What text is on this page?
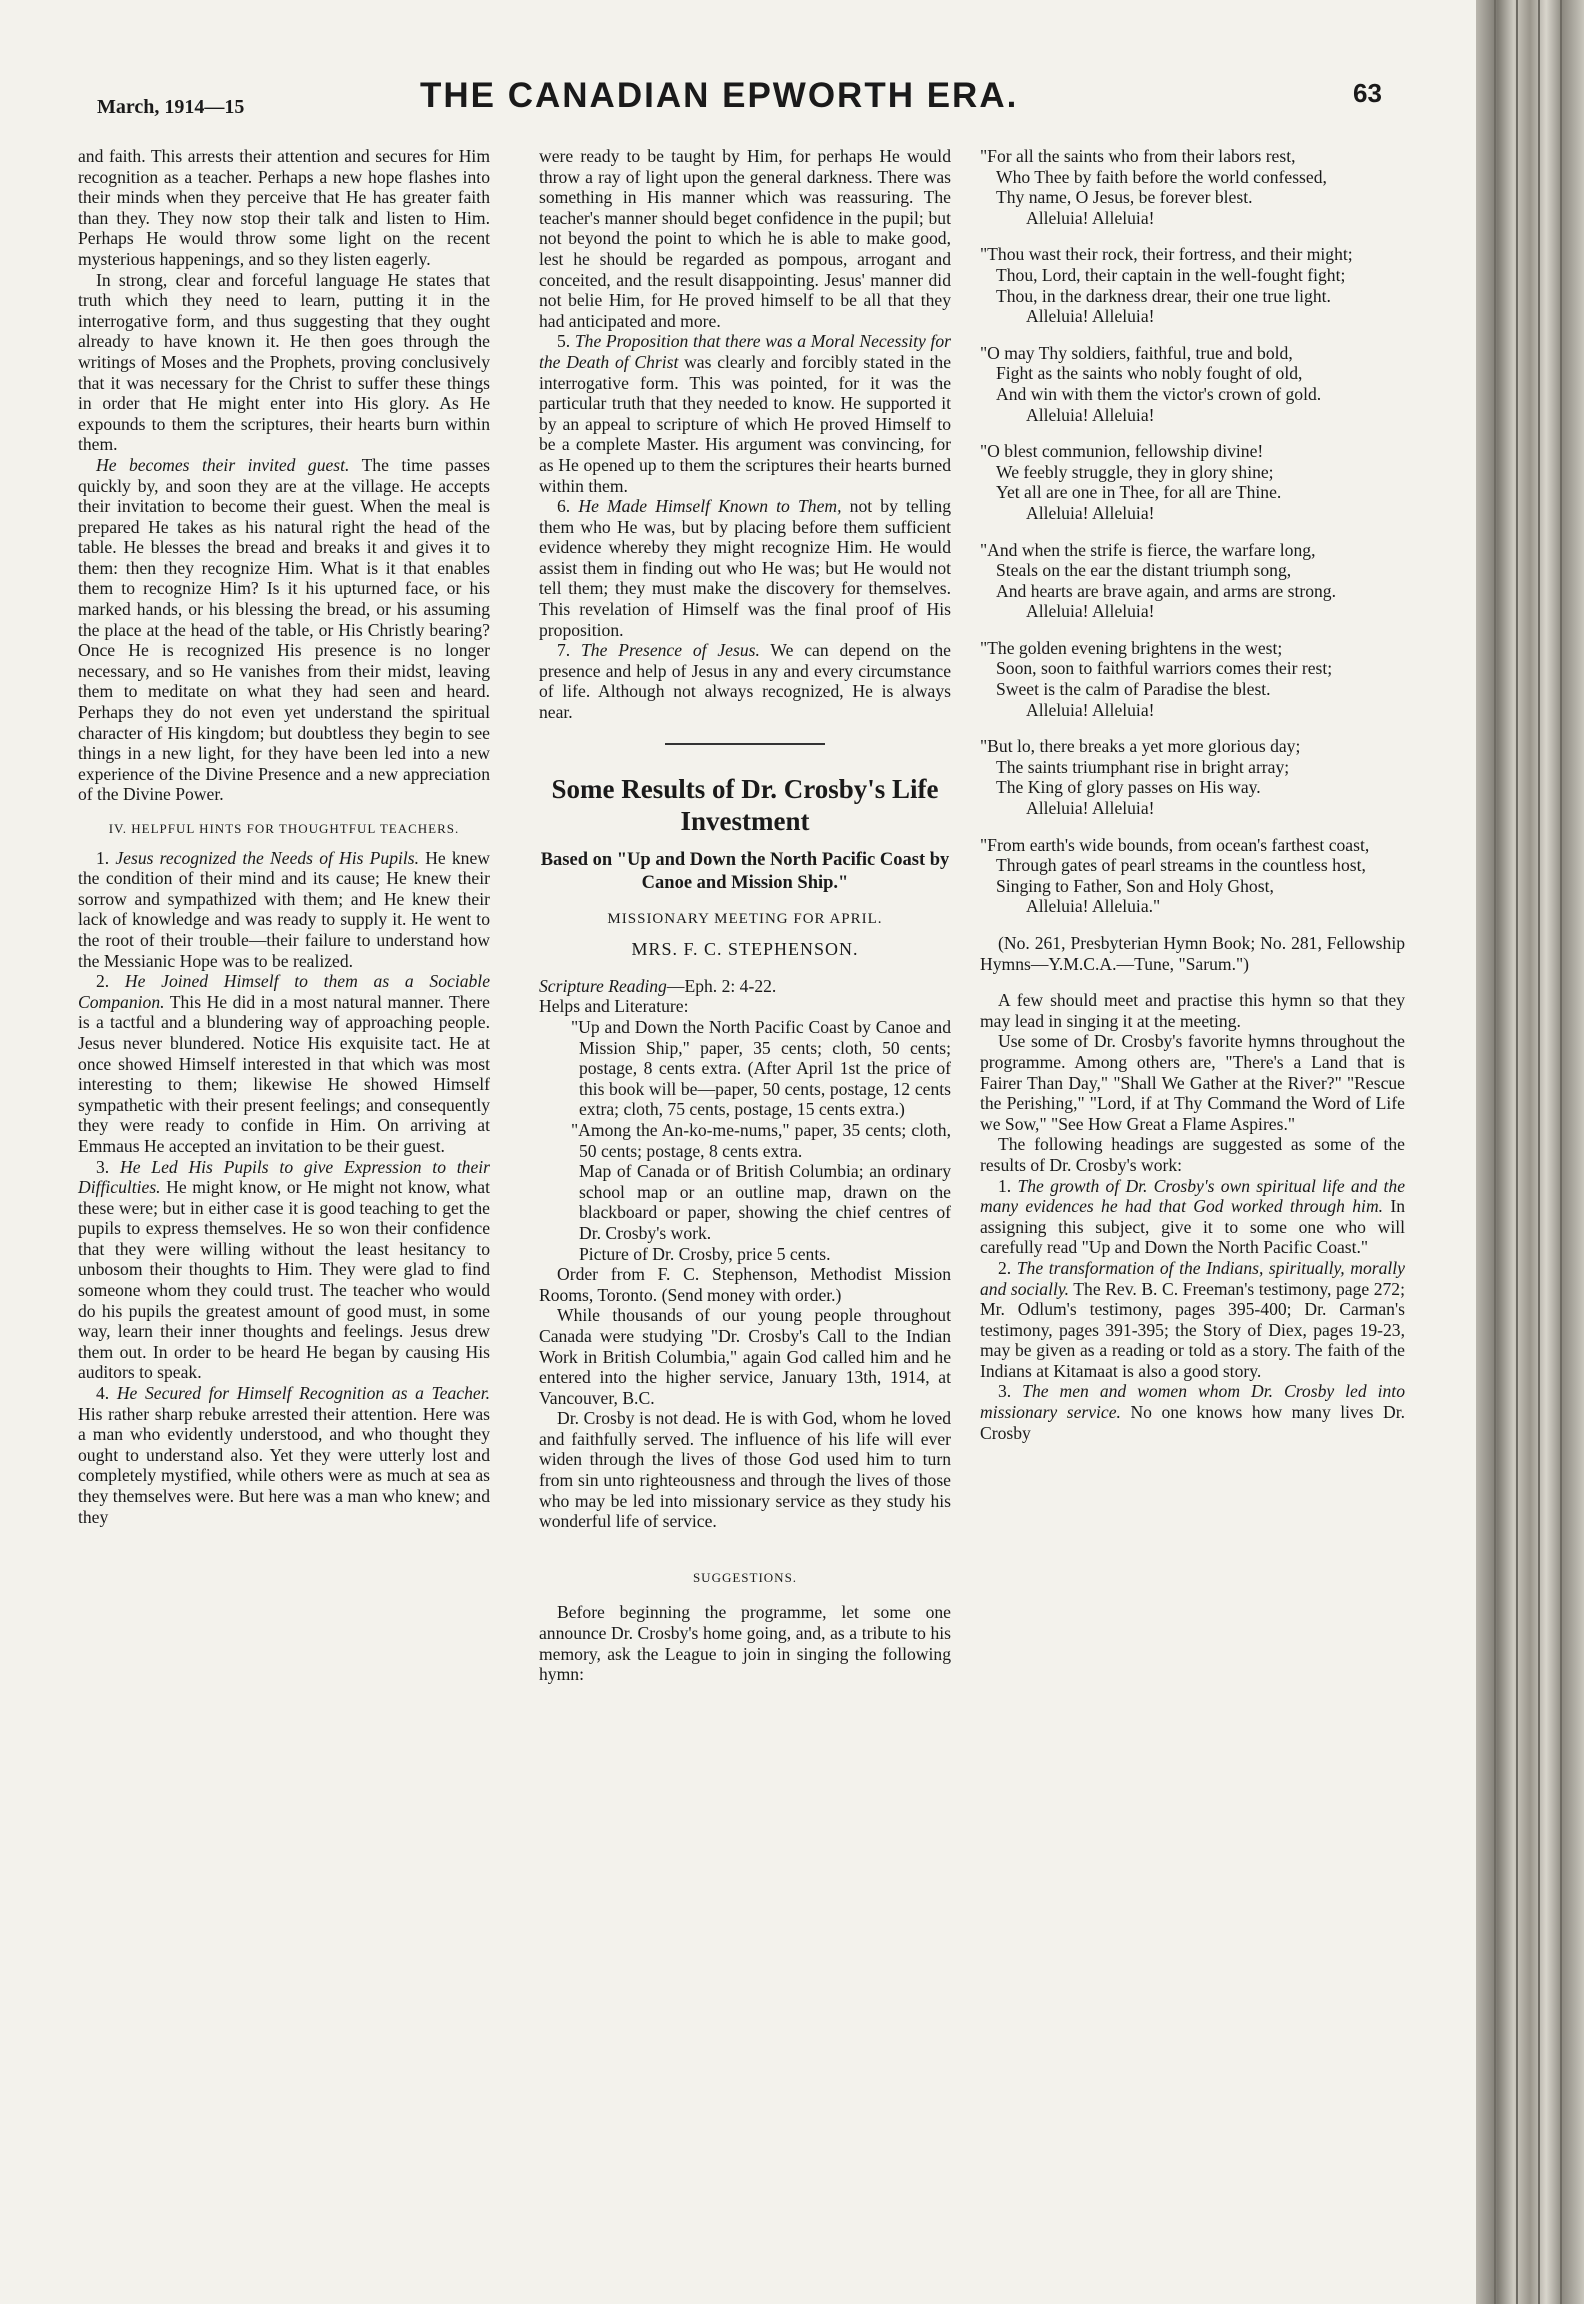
March, 1914—15	THE CANADIAN EPWORTH ERA.	63

and faith. This arrests their attention and secures for Him recognition as a teacher. Perhaps a new hope flashes into their minds when they perceive that He has greater faith than they. They now stop their talk and listen to Him. Perhaps He would throw some light on the recent mysterious happenings, and so they listen eagerly.

In strong, clear and forceful language He states that truth which they need to learn, putting it in the interrogative form, and thus suggesting that they ought already to have known it. He then goes through the writings of Moses and the Prophets, proving conclusively that it was necessary for the Christ to suffer these things in order that He might enter into His glory. As He expounds to them the scriptures, their hearts burn within them.

He becomes their invited guest. The time passes quickly by, and soon they are at the village. He accepts their invitation to become their guest. When the meal is prepared He takes as his natural right the head of the table. He blesses the bread and breaks it and gives it to them: then they recognize Him. What is it that enables them to recognize Him? Is it his upturned face, or his marked hands, or his blessing the bread, or his assuming the place at the head of the table, or His Christly bearing? Once He is recognized His presence is no longer necessary, and so He vanishes from their midst, leaving them to meditate on what they had seen and heard. Perhaps they do not even yet understand the spiritual character of His kingdom; but doubtless they begin to see things in a new light, for they have been led into a new experience of the Divine Presence and a new appreciation of the Divine Power.

IV. HELPFUL HINTS FOR THOUGHTFUL TEACHERS.

1. Jesus recognized the Needs of His Pupils. He knew the condition of their mind and its cause; He knew their sorrow and sympathized with them; and He knew their lack of knowledge and was ready to supply it. He went to the root of their trouble—their failure to understand how the Messianic Hope was to be realized.

2. He Joined Himself to them as a Sociable Companion. This He did in a most natural manner. There is a tactful and a blundering way of approaching people. Jesus never blundered. Notice His exquisite tact. He at once showed Himself interested in that which was most interesting to them; likewise He showed Himself sympathetic with their present feelings; and consequently they were ready to confide in Him. On arriving at Emmaus He accepted an invitation to be their guest.

3. He Led His Pupils to give Expression to their Difficulties. He might know, or He might not know, what these were; but in either case it is good teaching to get the pupils to express themselves. He so won their confidence that they were willing without the least hesitancy to unbosom their thoughts to Him. They were glad to find someone whom they could trust. The teacher who would do his pupils the greatest amount of good must, in some way, learn their inner thoughts and feelings. Jesus drew them out. In order to be heard He began by causing His auditors to speak.

4. He Secured for Himself Recognition as a Teacher. His rather sharp rebuke arrested their attention. Here was a man who evidently understood, and who thought they ought to understand also. Yet they were utterly lost and completely mystified, while others were as much at sea as they themselves were. But here was a man who knew; and they

were ready to be taught by Him, for perhaps He would throw a ray of light upon the general darkness. There was something in His manner which was reassuring. The teacher's manner should beget confidence in the pupil; but not beyond the point to which he is able to make good, lest he should be regarded as pompous, arrogant and conceited, and the result disappointing. Jesus' manner did not belie Him, for He proved himself to be all that they had anticipated and more.

5. The Proposition that there was a Moral Necessity for the Death of Christ was clearly and forcibly stated in the interrogative form. This was pointed, for it was the particular truth that they needed to know. He supported it by an appeal to scripture of which He proved Himself to be a complete Master. His argument was convincing, for as He opened up to them the scriptures their hearts burned within them.

6. He Made Himself Known to Them, not by telling them who He was, but by placing before them sufficient evidence whereby they might recognize Him. He would assist them in finding out who He was; but He would not tell them; they must make the discovery for themselves. This revelation of Himself was the final proof of His proposition.

7. The Presence of Jesus. We can depend on the presence and help of Jesus in any and every circumstance of life. Although not always recognized, He is always near.

Some Results of Dr. Crosby's Life Investment
Based on "Up and Down the North Pacific Coast by Canoe and Mission Ship."
MISSIONARY MEETING FOR APRIL.
MRS. F. C. STEPHENSON.

Scripture Reading—Eph. 2: 4-22.

Helps and Literature:

"Up and Down the North Pacific Coast by Canoe and Mission Ship," paper, 35 cents; cloth, 50 cents; postage, 8 cents extra. (After April 1st the price of this book will be—paper, 50 cents, postage, 12 cents extra; cloth, 75 cents, postage, 15 cents extra.)

"Among the An-ko-me-nums," paper, 35 cents; cloth, 50 cents; postage, 8 cents extra.

Map of Canada or of British Columbia; an ordinary school map or an outline map, drawn on the blackboard or paper, showing the chief centres of Dr. Crosby's work.

Picture of Dr. Crosby, price 5 cents.

Order from F. C. Stephenson, Methodist Mission Rooms, Toronto. (Send money with order.)

While thousands of our young people throughout Canada were studying "Dr. Crosby's Call to the Indian Work in British Columbia," again God called him and he entered into the higher service, January 13th, 1914, at Vancouver, B.C.

Dr. Crosby is not dead. He is with God, whom he loved and faithfully served. The influence of his life will ever widen through the lives of those God used him to turn from sin unto righteousness and through the lives of those who may be led into missionary service as they study his wonderful life of service.

SUGGESTIONS.

Before beginning the programme, let some one announce Dr. Crosby's home going, and, as a tribute to his memory, ask the League to join in singing the following hymn:

"For all the saints who from their labors rest,
Who Thee by faith before the world confessed,
Thy name, O Jesus, be forever blest.
Alleluia! Alleluia!
"Thou wast their rock, their fortress, and their might;
Thou, Lord, their captain in the well-fought fight;
Thou, in the darkness drear, their one true light.
Alleluia! Alleluia!
"O may Thy soldiers, faithful, true and bold,
Fight as the saints who nobly fought of old,
And win with them the victor's crown of gold.
Alleluia! Alleluia!
"O blest communion, fellowship divine!
We feebly struggle, they in glory shine;
Yet all are one in Thee, for all are Thine.
Alleluia! Alleluia!
"And when the strife is fierce, the warfare long,
Steals on the ear the distant triumph song,
And hearts are brave again, and arms are strong.
Alleluia! Alleluia!
"The golden evening brightens in the west;
Soon, soon to faithful warriors comes their rest;
Sweet is the calm of Paradise the blest.
Alleluia! Alleluia!
"But lo, there breaks a yet more glorious day;
The saints triumphant rise in bright array;
The King of glory passes on His way.
Alleluia! Alleluia!
"From earth's wide bounds, from ocean's farthest coast,
Through gates of pearl streams in the countless host,
Singing to Father, Son and Holy Ghost,
Alleluia! Alleluia."

(No. 261, Presbyterian Hymn Book; No. 281, Fellowship Hymns—Y.M.C.A.—Tune, "Sarum.")

A few should meet and practise this hymn so that they may lead in singing it at the meeting.

Use some of Dr. Crosby's favorite hymns throughout the programme. Among others are, "There's a Land that is Fairer Than Day," "Shall We Gather at the River?" "Rescue the Perishing," "Lord, if at Thy Command the Word of Life we Sow," "See How Great a Flame Aspires."

The following headings are suggested as some of the results of Dr. Crosby's work:

1. The growth of Dr. Crosby's own spiritual life and the many evidences he had that God worked through him. In assigning this subject, give it to some one who will carefully read "Up and Down the North Pacific Coast."

2. The transformation of the Indians, spiritually, morally and socially. The Rev. B. C. Freeman's testimony, page 272; Mr. Odlum's testimony, pages 395-400; Dr. Carman's testimony, pages 391-395; the Story of Diex, pages 19-23, may be given as a reading or told as a story. The faith of the Indians at Kitamaat is also a good story.

3. The men and women whom Dr. Crosby led into missionary service. No one knows how many lives Dr. Crosby
